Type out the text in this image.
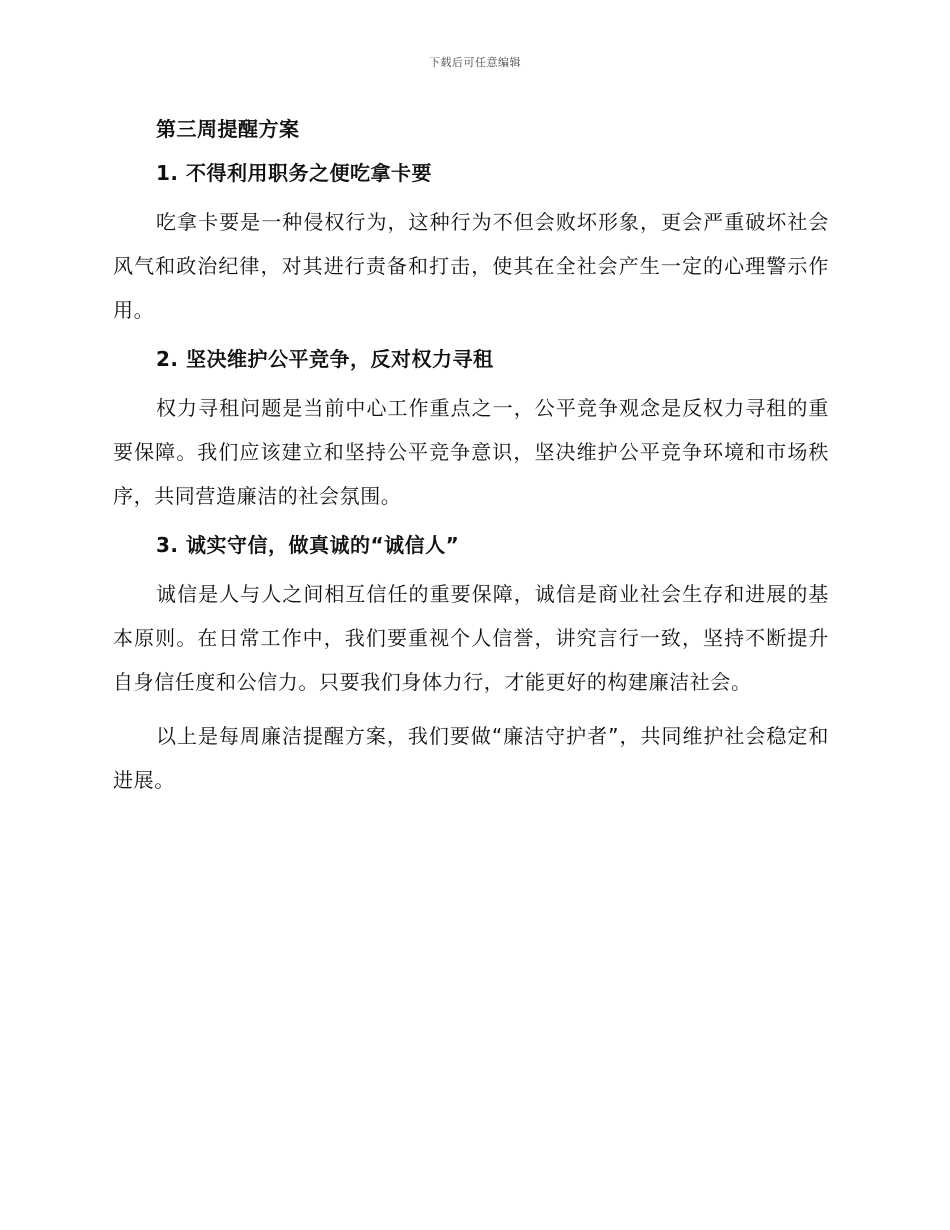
下载后可任意编辑
第三周提醒方案
1. 不得利用职务之便吃拿卡要

吃拿卡要是一种侵权行为，这种行为不但会败坏形象，更会严重破坏社会风气和政治纪律，对其进行责备和打击，使其在全社会产生一定的心理警示作用。

2. 坚决维护公平竞争，反对权力寻租

权力寻租问题是当前中心工作重点之一，公平竞争观念是反权力寻租的重要保障。我们应该建立和坚持公平竞争意识，坚决维护公平竞争环境和市场秩序，共同营造廉洁的社会氛围。

3. 诚实守信，做真诚的“诚信人”

诚信是人与人之间相互信任的重要保障，诚信是商业社会生存和进展的基本原则。在日常工作中，我们要重视个人信誉，讲究言行一致，坚持不断提升自身信任度和公信力。只要我们身体力行，才能更好的构建廉洁社会。

以上是每周廉洁提醒方案，我们要做“廉洁守护者”，共同维护社会稳定和进展。
